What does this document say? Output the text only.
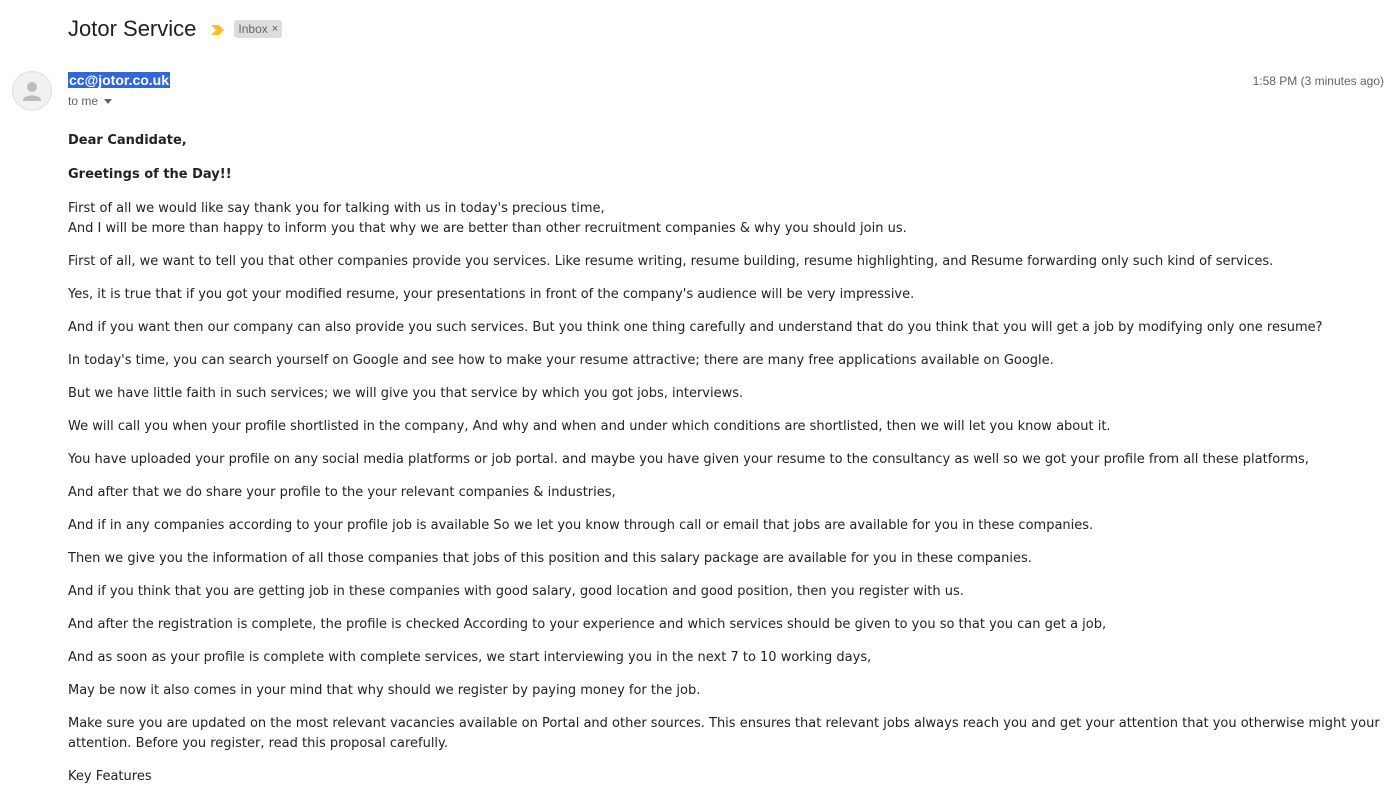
Jotor Service	Inbox ×
cc@jotor.co.uk
to me
1:58 PM (3 minutes ago)

Dear Candidate,

Greetings of the Day!!

First of all we would like say thank you for talking with us in today's precious time,
And I will be more than happy to inform you that why we are better than other recruitment companies & why you should join us.

First of all, we want to tell you that other companies provide you services. Like resume writing, resume building, resume highlighting, and Resume forwarding only such kind of services.

Yes, it is true that if you got your modified resume, your presentations in front of the company's audience will be very impressive.

And if you want then our company can also provide you such services. But you think one thing carefully and understand that do you think that you will get a job by modifying only one resume?

In today's time, you can search yourself on Google and see how to make your resume attractive; there are many free applications available on Google.

But we have little faith in such services; we will give you that service by which you got jobs, interviews.

We will call you when your profile shortlisted in the company, And why and when and under which conditions are shortlisted, then we will let you know about it.

You have uploaded your profile on any social media platforms or job portal. and maybe you have given your resume to the consultancy as well so we got your profile from all these platforms,

And after that we do share your profile to the your relevant companies & industries,

And if in any companies according to your profile job is available So we let you know through call or email that jobs are available for you in these companies.

Then we give you the information of all those companies that jobs of this position and this salary package are available for you in these companies.

And if you think that you are getting job in these companies with good salary, good location and good position, then you register with us.

And after the registration is complete, the profile is checked According to your experience and which services should be given to you so that you can get a job,

And as soon as your profile is complete with complete services, we start interviewing you in the next 7 to 10 working days,

May be now it also comes in your mind that why should we register by paying money for the job.

Make sure you are updated on the most relevant vacancies available on Portal and other sources. This ensures that relevant jobs always reach you and get your attention that you otherwise might your attention. Before you register, read this proposal carefully.

Key Features
